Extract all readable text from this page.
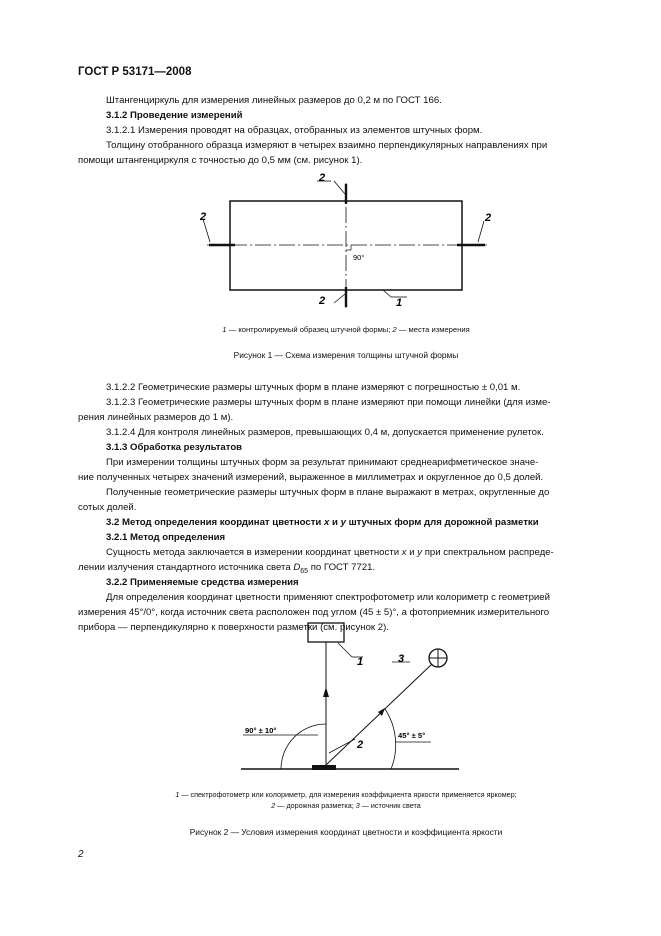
ГОСТ Р 53171—2008
Штангенциркуль для измерения линейных размеров до 0,2 м по ГОСТ 166.
3.1.2 Проведение измерений
3.1.2.1 Измерения проводят на образцах, отобранных из элементов штучных форм.
Толщину отобранного образца измеряют в четырех взаимно перпендикулярных направлениях при
помощи штангенциркуля с точностью до 0,5 мм (см. рисунок 1).
2
2	2
2	1
90°
1 — контролируемый образец штучной формы; 2 — места измерения
Рисунок 1 — Схема измерения толщины штучной формы
3.1.2.2 Геометрические размеры штучных форм в плане измеряют с погрешностью ± 0,01 м.
3.1.2.3 Геометрические размеры штучных форм в плане измеряют при помощи линейки (для изме-
рения линейных размеров до 1 м).
3.1.2.4 Для контроля линейных размеров, превышающих 0,4 м, допускается применение рулеток.
3.1.3 Обработка результатов
При измерении толщины штучных форм за результат принимают среднеарифметическое значе-
ние полученных четырех значений измерений, выраженное в миллиметрах и округленное до 0,5 долей.
Полученные геометрические размеры штучных форм в плане выражают в метрах, округленные до
сотых долей.
3.2 Метод определения координат цветности x и y штучных форм для дорожной разметки
3.2.1 Метод определения
Сущность метода заключается в измерении координат цветности x и y при спектральном распреде-
лении излучения стандартного источника света $D_{65}$ по ГОСТ 7721.
3.2.2 Применяемые средства измерения
Для определения координат цветности применяют спектрофотометр или колориметр с геометрией
измерения 45°/0°, когда источник света расположен под углом (45 ± 5)°, а фотоприемник измерительного
прибора — перпендикулярно к поверхности разметки (см. рисунок 2).
1	3
2
90° ± 10°
45° ± 5°
1 — спектрофотометр или колориметр, для измерения коэффициента яркости применяется яркомер;
2 — дорожная разметка; 3 — источник света
Рисунок 2 — Условия измерения координат цветности и коэффициента яркости
2
